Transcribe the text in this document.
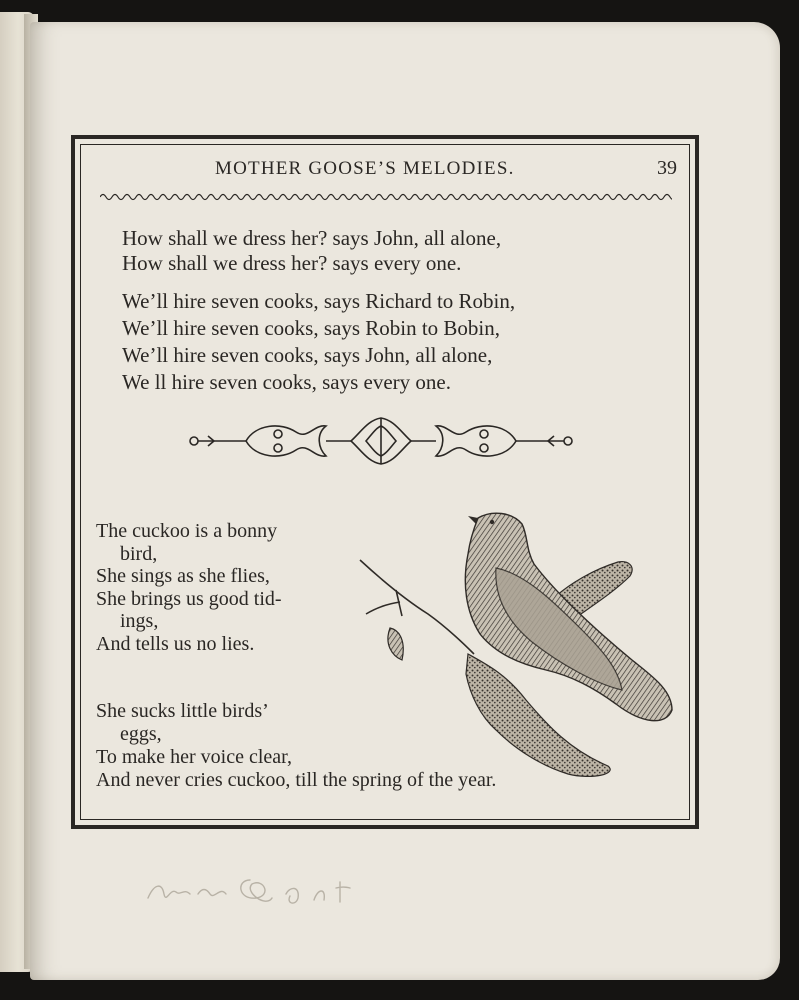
MOTHER GOOSE’S MELODIES.	39

How shall we dress her? says John, all alone,
How shall we dress her? says every one.

We’ll hire seven cooks, says Richard to Robin,
We’ll hire seven cooks, says Robin to Bobin,
We’ll hire seven cooks, says John, all alone,
We ll hire seven cooks, says every one.

The cuckoo is a bonny
bird,
She sings as she flies,
She brings us good tid-
ings,
And tells us no lies.

She sucks little birds’
eggs,
To make her voice clear,
And never cries cuckoo, till the spring of the year.
